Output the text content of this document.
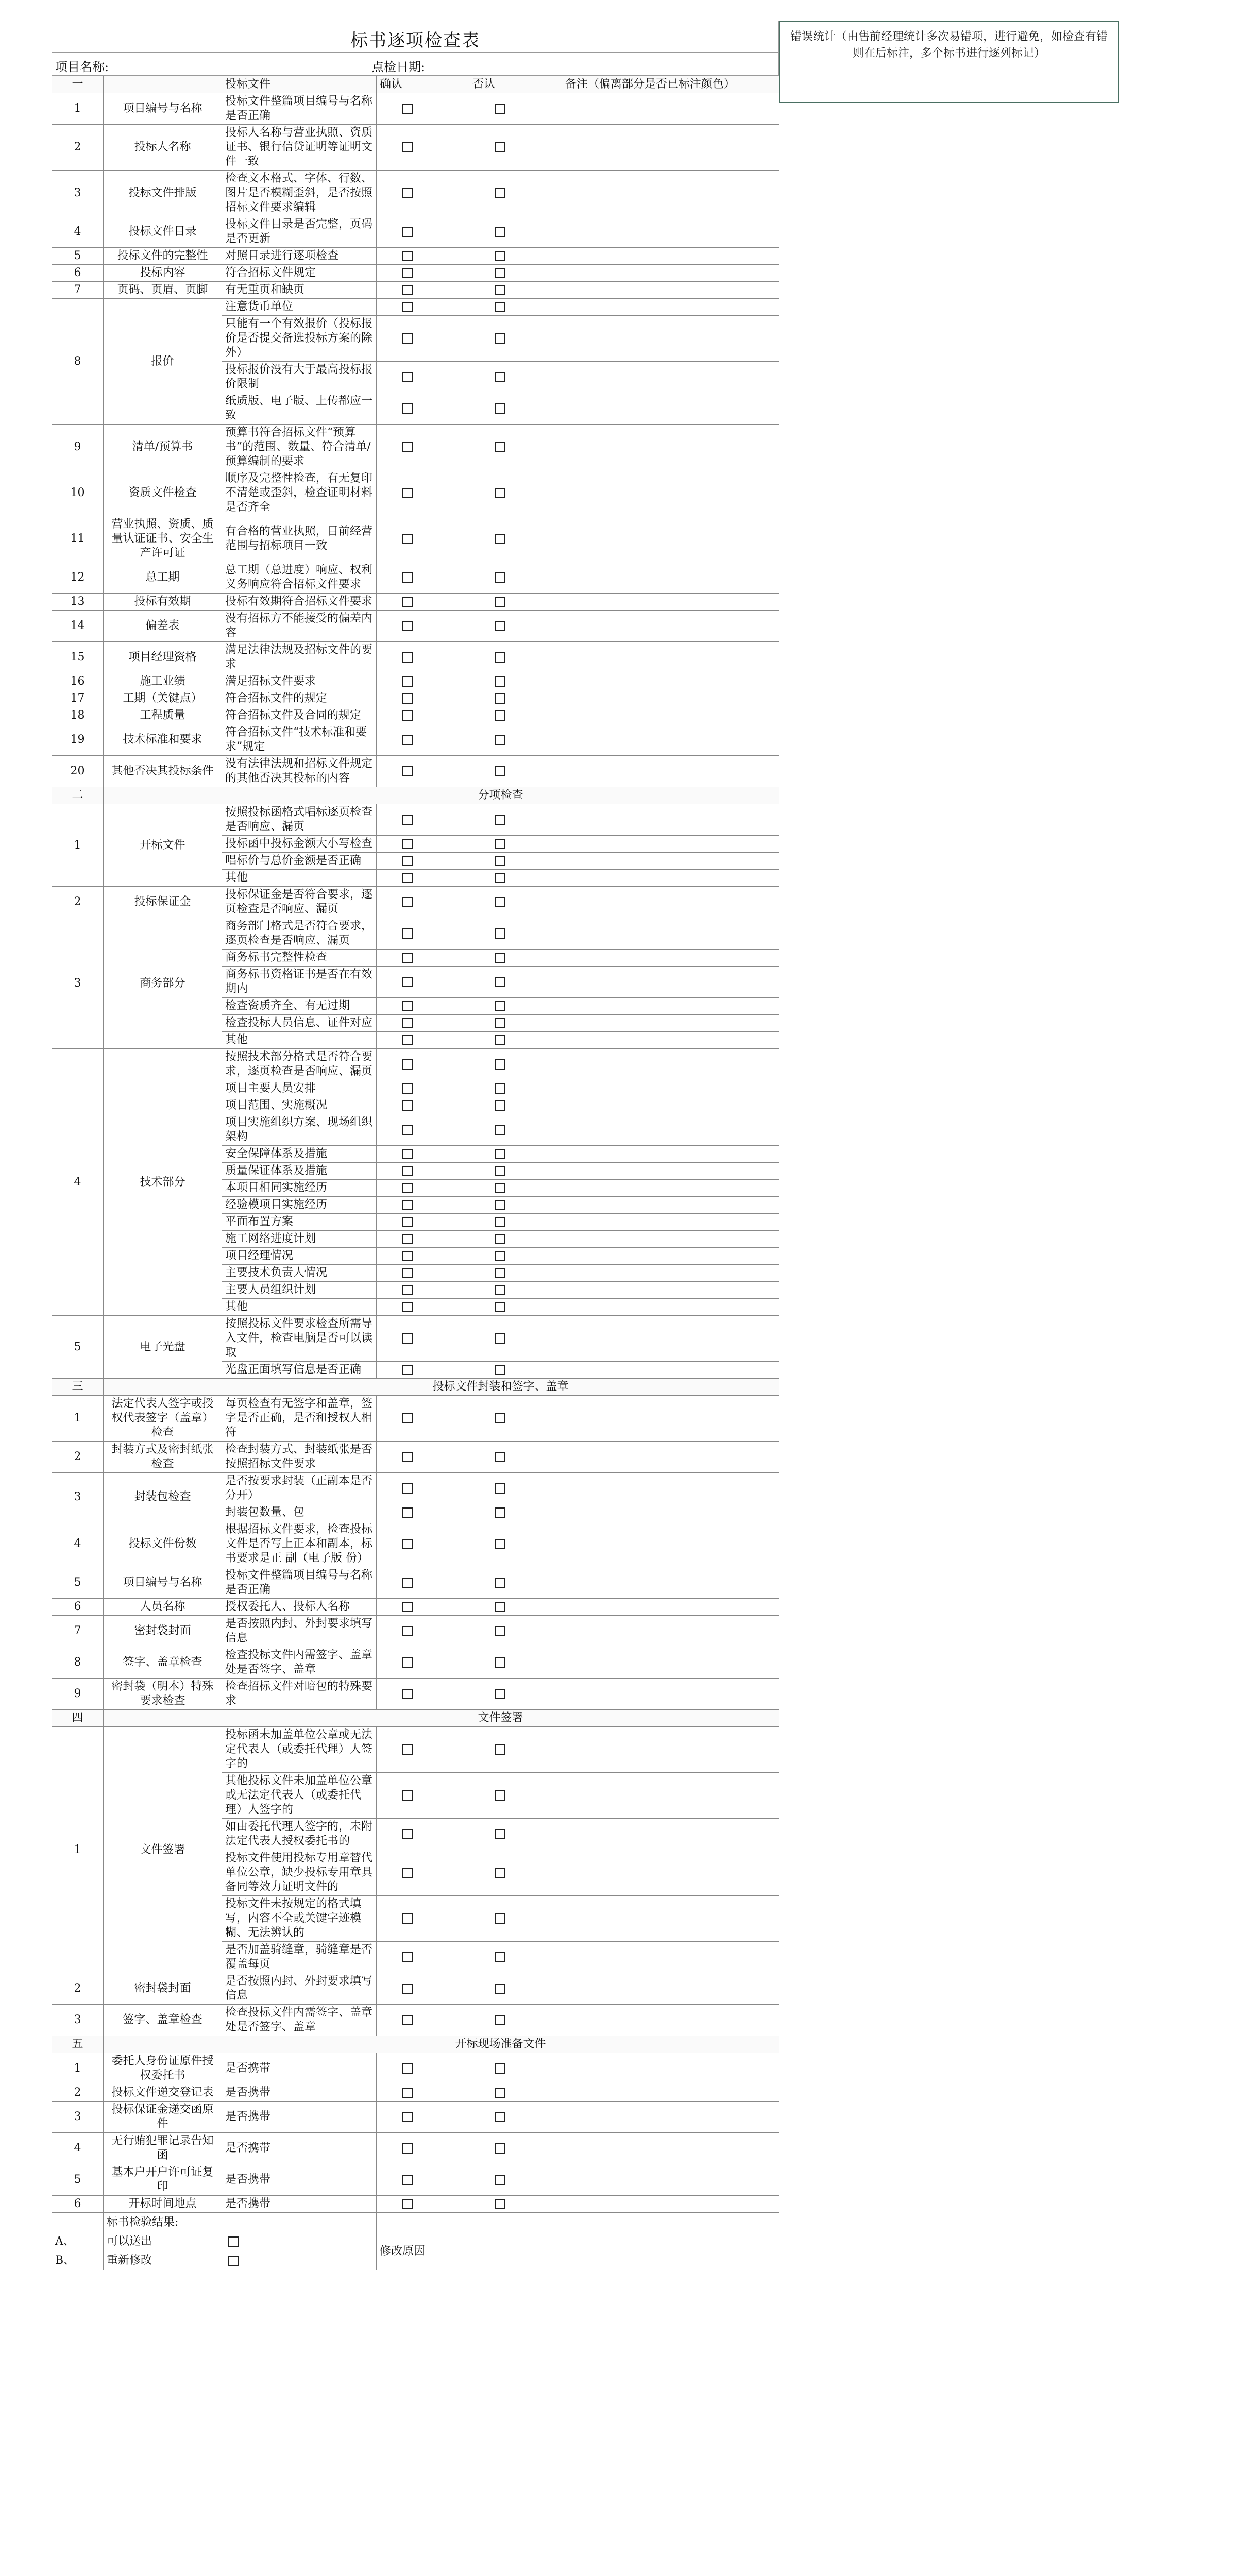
错误统计（由售前经理统计多次易错项，进行避免，如检查有错则在后标注，多个标书进行逐列标记）
标书逐项检查表
项目名称:	点检日期:
一		投标文件	确认	否认	备注（偏离部分是否已标注颜色）
1	项目编号与名称	投标文件整篇项目编号与名称是否正确			
2	投标人名称	投标人名称与营业执照、资质证书、银行信贷证明等证明文件一致			
3	投标文件排版	检查文本格式、字体、行数、图片是否模糊歪斜，是否按照招标文件要求编辑			
4	投标文件目录	投标文件目录是否完整，页码是否更新			
5	投标文件的完整性	对照目录进行逐项检查			
6	投标内容	符合招标文件规定			
7	页码、页眉、页脚	有无重页和缺页			
8	报价	注意货币单位			
		只能有一个有效报价（投标报价是否提交备选投标方案的除外）			
		投标报价没有大于最高投标报价限制			
		纸质版、电子版、上传都应一致			
9	清单/预算书	预算书符合招标文件“预算书”的范围、数量、符合清单/预算编制的要求			
10	资质文件检查	顺序及完整性检查，有无复印不清楚或歪斜，检查证明材料是否齐全			
11	营业执照、资质、质量认证证书、安全生产许可证	有合格的营业执照，目前经营范围与招标项目一致			
12	总工期	总工期（总进度）响应、权利义务响应符合招标文件要求			
13	投标有效期	投标有效期符合招标文件要求			
14	偏差表	没有招标方不能接受的偏差内容			
15	项目经理资格	满足法律法规及招标文件的要求			
16	施工业绩	满足招标文件要求			
17	工期（关键点）	符合招标文件的规定			
18	工程质量	符合招标文件及合同的规定			
19	技术标准和要求	符合招标文件“技术标准和要求”规定			
20	其他否决其投标条件	没有法律法规和招标文件规定的其他否决其投标的内容			
二		分项检查			
1	开标文件	按照投标函格式唱标逐页检查是否响应、漏页			
		投标函中投标金额大小写检查			
		唱标价与总价金额是否正确			
		其他			
2	投标保证金	投标保证金是否符合要求，逐页检查是否响应、漏页			
3	商务部分	商务部门格式是否符合要求，逐页检查是否响应、漏页			
		商务标书完整性检查			
		商务标书资格证书是否在有效期内			
		检查资质齐全、有无过期			
		检查投标人员信息、证件对应			
		其他			
4	技术部分	按照技术部分格式是否符合要求，逐页检查是否响应、漏页			
		项目主要人员安排			
		项目范围、实施概况			
		项目实施组织方案、现场组织架构			
		安全保障体系及措施			
		质量保证体系及措施			
		本项目相同实施经历			
		经验模项目实施经历			
		平面布置方案			
		施工网络进度计划			
		项目经理情况			
		主要技术负责人情况			
		主要人员组织计划			
		其他			
5	电子光盘	按照投标文件要求检查所需导入文件，检查电脑是否可以读取			
		光盘正面填写信息是否正确			
三		投标文件封装和签字、盖章			
1	法定代表人签字或授权代表签字（盖章）检查	每页检查有无签字和盖章，签字是否正确，是否和授权人相符			
2	封装方式及密封纸张检查	检查封装方式、封装纸张是否按照招标文件要求			
3	封装包检查	是否按要求封装（正副本是否分开）			
		封装包数量、包			
4	投标文件份数	根据招标文件要求，检查投标文件是否写上正本和副本，标书要求是正 副（电子版 份）			
5	项目编号与名称	投标文件整篇项目编号与名称是否正确			
6	人员名称	授权委托人、投标人名称			
7	密封袋封面	是否按照内封、外封要求填写信息			
8	签字、盖章检查	检查投标文件内需签字、盖章处是否签字、盖章			
9	密封袋（明本）特殊要求检查	检查招标文件对暗包的特殊要求			
四		文件签署			
1	文件签署	投标函未加盖单位公章或无法定代表人（或委托代理）人签字的			
		其他投标文件未加盖单位公章或无法定代表人（或委托代理）人签字的			
		如由委托代理人签字的，未附法定代表人授权委托书的			
		投标文件使用投标专用章替代单位公章，缺少投标专用章具备同等效力证明文件的			
		投标文件未按规定的格式填写，内容不全或关键字迹模糊、无法辨认的			
		是否加盖骑缝章，骑缝章是否覆盖每页			
2	密封袋封面	是否按照内封、外封要求填写信息			
3	签字、盖章检查	检查投标文件内需签字、盖章处是否签字、盖章			
五		开标现场准备文件			
1	委托人身份证原件授权委托书	是否携带			
2	投标文件递交登记表	是否携带			
3	投标保证金递交函原件	是否携带			
4	无行贿犯罪记录告知函	是否携带			
5	基本户开户许可证复印	是否携带			
6	开标时间地点	是否携带			
	标书检验结果:		
A、	可以送出		修改原因
B、	重新修改		
